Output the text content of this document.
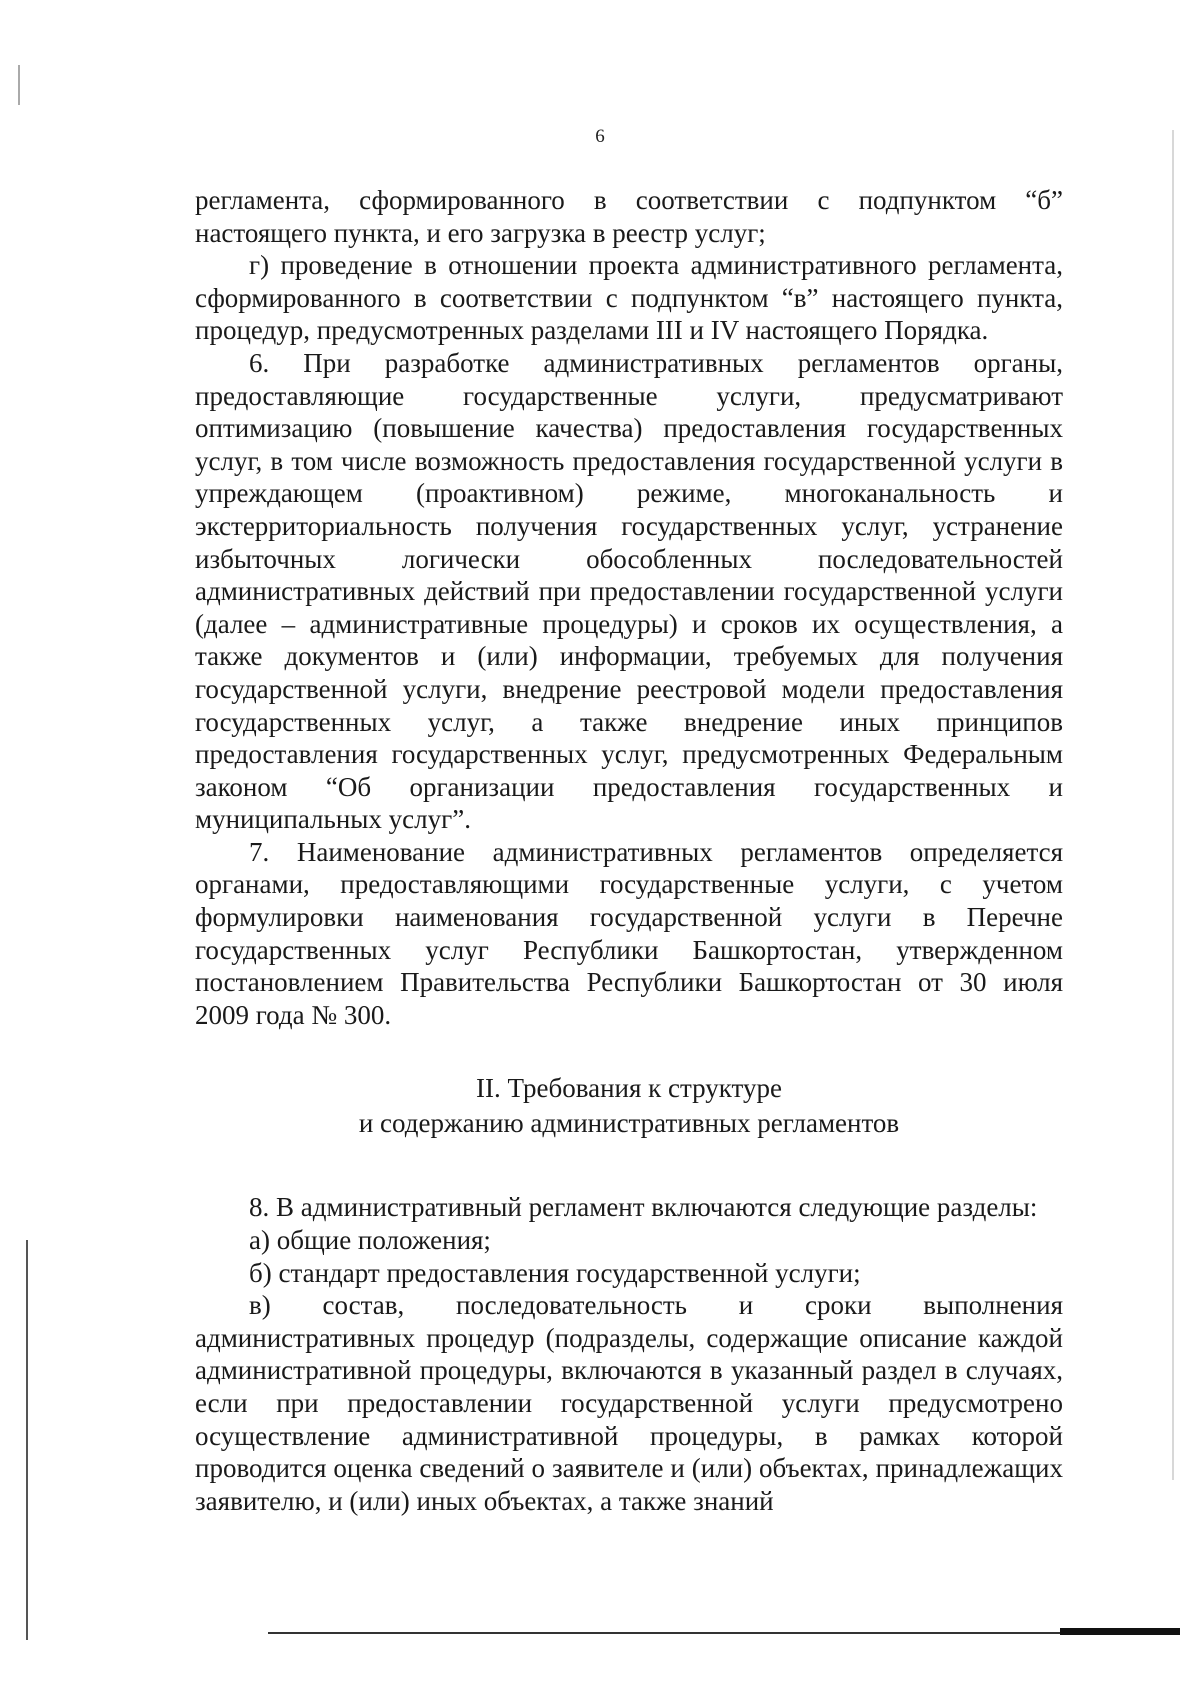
6

регламента, сформированного в соответствии с подпунктом “б” настоящего пункта, и его загрузка в реестр услуг;

г) проведение в отношении проекта административного регламента, сформированного в соответствии с подпунктом “в” настоящего пункта, процедур, предусмотренных разделами III и IV настоящего Порядка.

6. При разработке административных регламентов органы, предоставляющие государственные услуги, предусматривают оптимизацию (повышение качества) предоставления государственных услуг, в том числе возможность предоставления государственной услуги в упреждающем (проактивном) режиме, многоканальность и экстерриториальность получения государственных услуг, устранение избыточных логически обособленных последовательностей административных действий при предоставлении государственной услуги (далее – административные процедуры) и сроков их осуществления, а также документов и (или) информации, требуемых для получения государственной услуги, внедрение реестровой модели предоставления государственных услуг, а также внедрение иных принципов предоставления государственных услуг, предусмотренных Федеральным законом “Об организации предоставления государственных и муниципальных услуг”.

7. Наименование административных регламентов определяется органами, предоставляющими государственные услуги, с учетом формулировки наименования государственной услуги в Перечне государственных услуг Республики Башкортостан, утвержденном постановлением Правительства Республики Башкортостан от 30 июля 2009 года № 300.

II. Требования к структуре
и содержанию административных регламентов

8. В административный регламент включаются следующие разделы:

а) общие положения;

б) стандарт предоставления государственной услуги;

в) состав, последовательность и сроки выполнения административных процедур (подразделы, содержащие описание каждой административной процедуры, включаются в указанный раздел в случаях, если при предоставлении государственной услуги предусмотрено осуществление административной процедуры, в рамках которой проводится оценка сведений о заявителе и (или) объектах, принадлежащих заявителю, и (или) иных объектах, а также знаний
